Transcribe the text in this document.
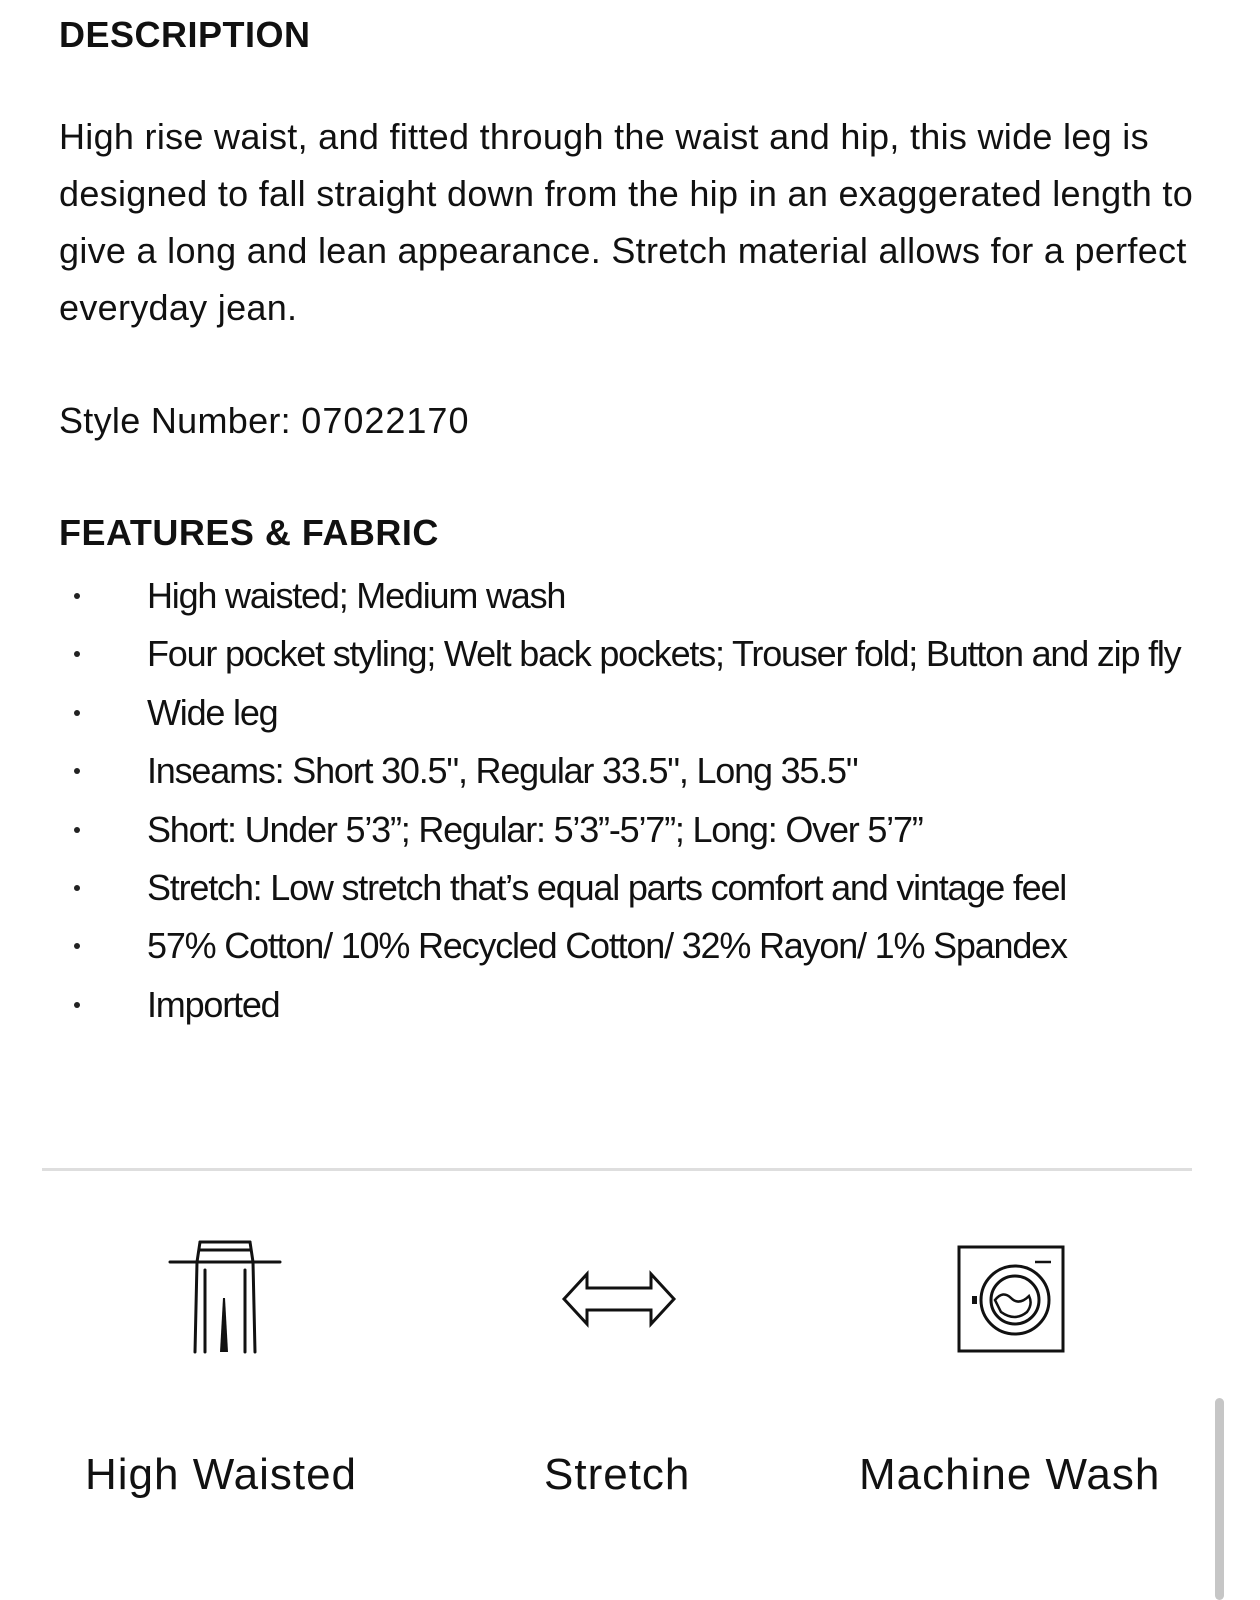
DESCRIPTION

High rise waist, and fitted through the waist and hip, this wide leg is designed to fall straight down from the hip in an exaggerated length to give a long and lean appearance. Stretch material allows for a perfect everyday jean.

Style Number: 07022170

FEATURES & FABRIC
High waisted; Medium wash
Four pocket styling; Welt back pockets; Trouser fold; Button and zip fly
Wide leg
Inseams: Short 30.5", Regular 33.5", Long 35.5"
Short: Under 5’3”; Regular: 5’3”-5’7”; Long: Over 5’7”
Stretch: Low stretch that’s equal parts comfort and vintage feel
57% Cotton/ 10% Recycled Cotton/ 32% Rayon/ 1% Spandex
Imported
High Waisted	Stretch	Machine Wash
